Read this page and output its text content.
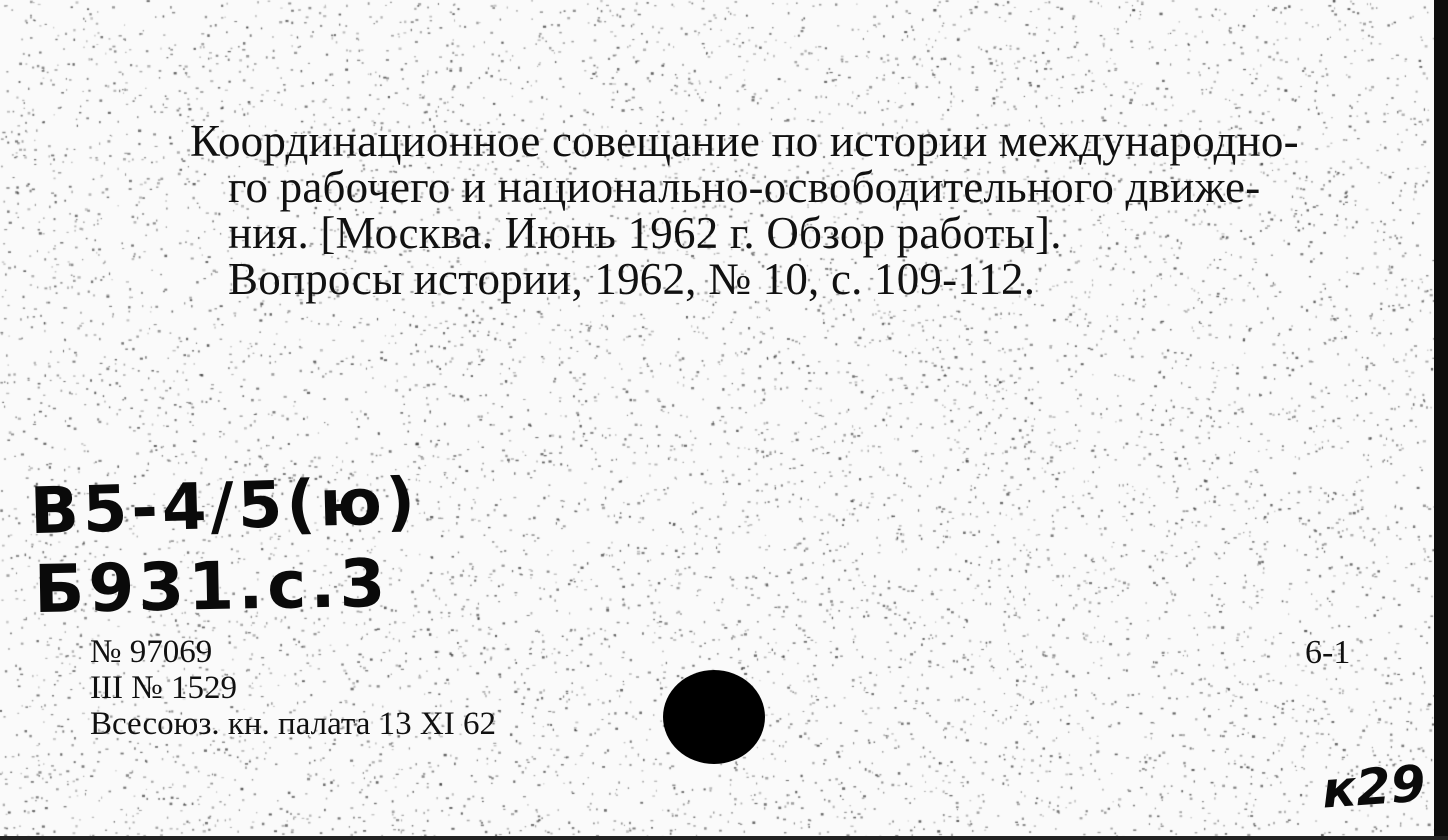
Координационное совещание по истории международно-
го рабочего и национально-освободительного движе-
ния. [Москва. Июнь 1962 г. Обзор работы].
Вопросы истории, 1962, № 10, с. 109-112.
B5-4/5(ю)
Б931.с.3
№ 97069
III № 1529
Всесоюз. кн. палата 13 XI 62
6-1
к29
